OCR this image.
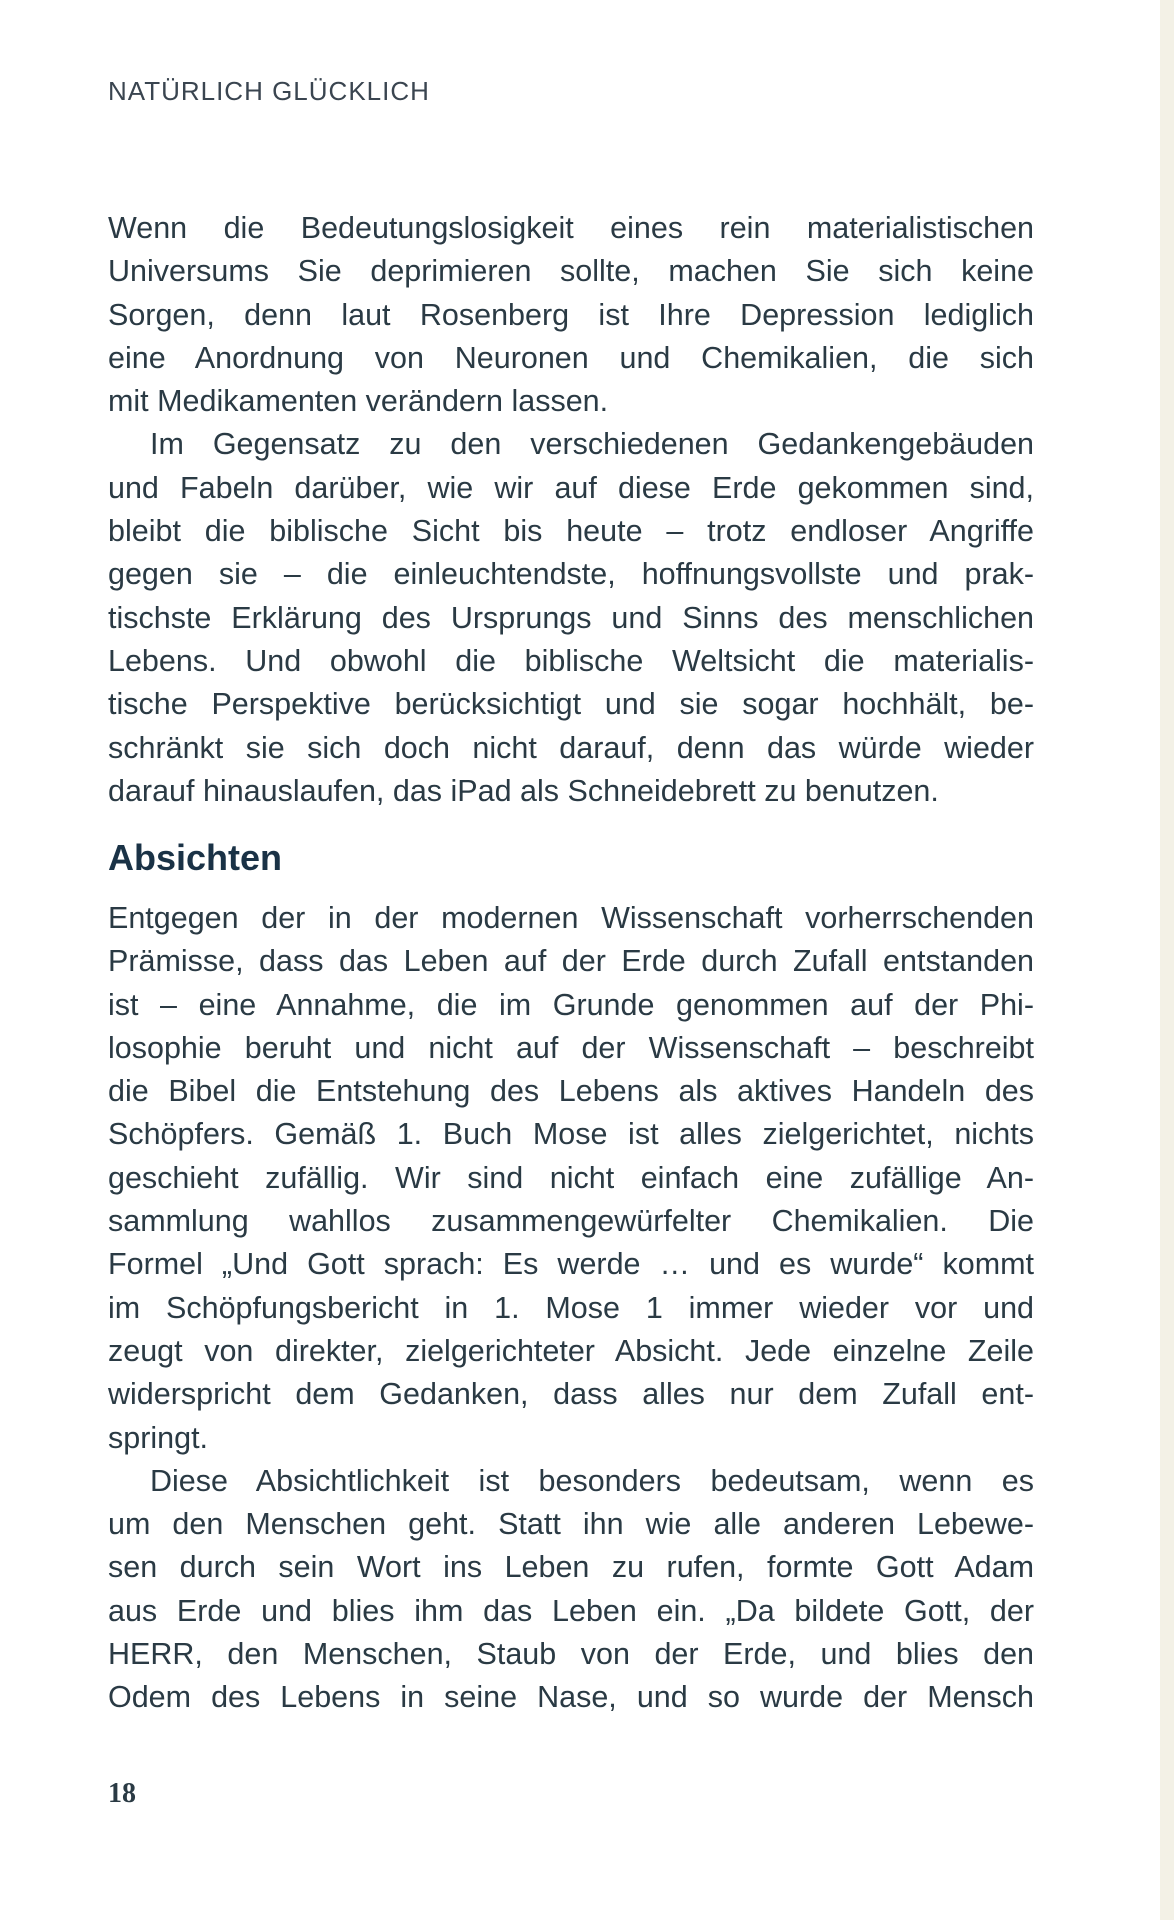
NATÜRLICH GLÜCKLICH
Wenn die Bedeutungslosigkeit eines rein materialistischen
Universums Sie deprimieren sollte, machen Sie sich keine
Sorgen, denn laut Rosenberg ist Ihre Depression lediglich
eine Anordnung von Neuronen und Chemikalien, die sich
mit Medikamenten verändern lassen.
Im Gegensatz zu den verschiedenen Gedankengebäuden
und Fabeln darüber, wie wir auf diese Erde gekommen sind,
bleibt die biblische Sicht bis heute – trotz endloser Angriffe
gegen sie – die einleuchtendste, hoffnungsvollste und prak-
tischste Erklärung des Ursprungs und Sinns des menschlichen
Lebens. Und obwohl die biblische Weltsicht die materialis-
tische Perspektive berücksichtigt und sie sogar hochhält, be-
schränkt sie sich doch nicht darauf, denn das würde wieder
darauf hinauslaufen, das iPad als Schneidebrett zu benutzen.
Absichten
Entgegen der in der modernen Wissenschaft vorherrschenden
Prämisse, dass das Leben auf der Erde durch Zufall entstanden
ist – eine Annahme, die im Grunde genommen auf der Phi-
losophie beruht und nicht auf der Wissenschaft – beschreibt
die Bibel die Entstehung des Lebens als aktives Handeln des
Schöpfers. Gemäß 1. Buch Mose ist alles zielgerichtet, nichts
geschieht zufällig. Wir sind nicht einfach eine zufällige An-
sammlung wahllos zusammengewürfelter Chemikalien. Die
Formel „Und Gott sprach: Es werde … und es wurde“ kommt
im Schöpfungsbericht in 1. Mose 1 immer wieder vor und
zeugt von direkter, zielgerichteter Absicht. Jede einzelne Zeile
widerspricht dem Gedanken, dass alles nur dem Zufall ent-
springt.
Diese Absichtlichkeit ist besonders bedeutsam, wenn es
um den Menschen geht. Statt ihn wie alle anderen Lebewe-
sen durch sein Wort ins Leben zu rufen, formte Gott Adam
aus Erde und blies ihm das Leben ein. „Da bildete Gott, der
HERR, den Menschen, Staub von der Erde, und blies den
Odem des Lebens in seine Nase, und so wurde der Mensch
18
